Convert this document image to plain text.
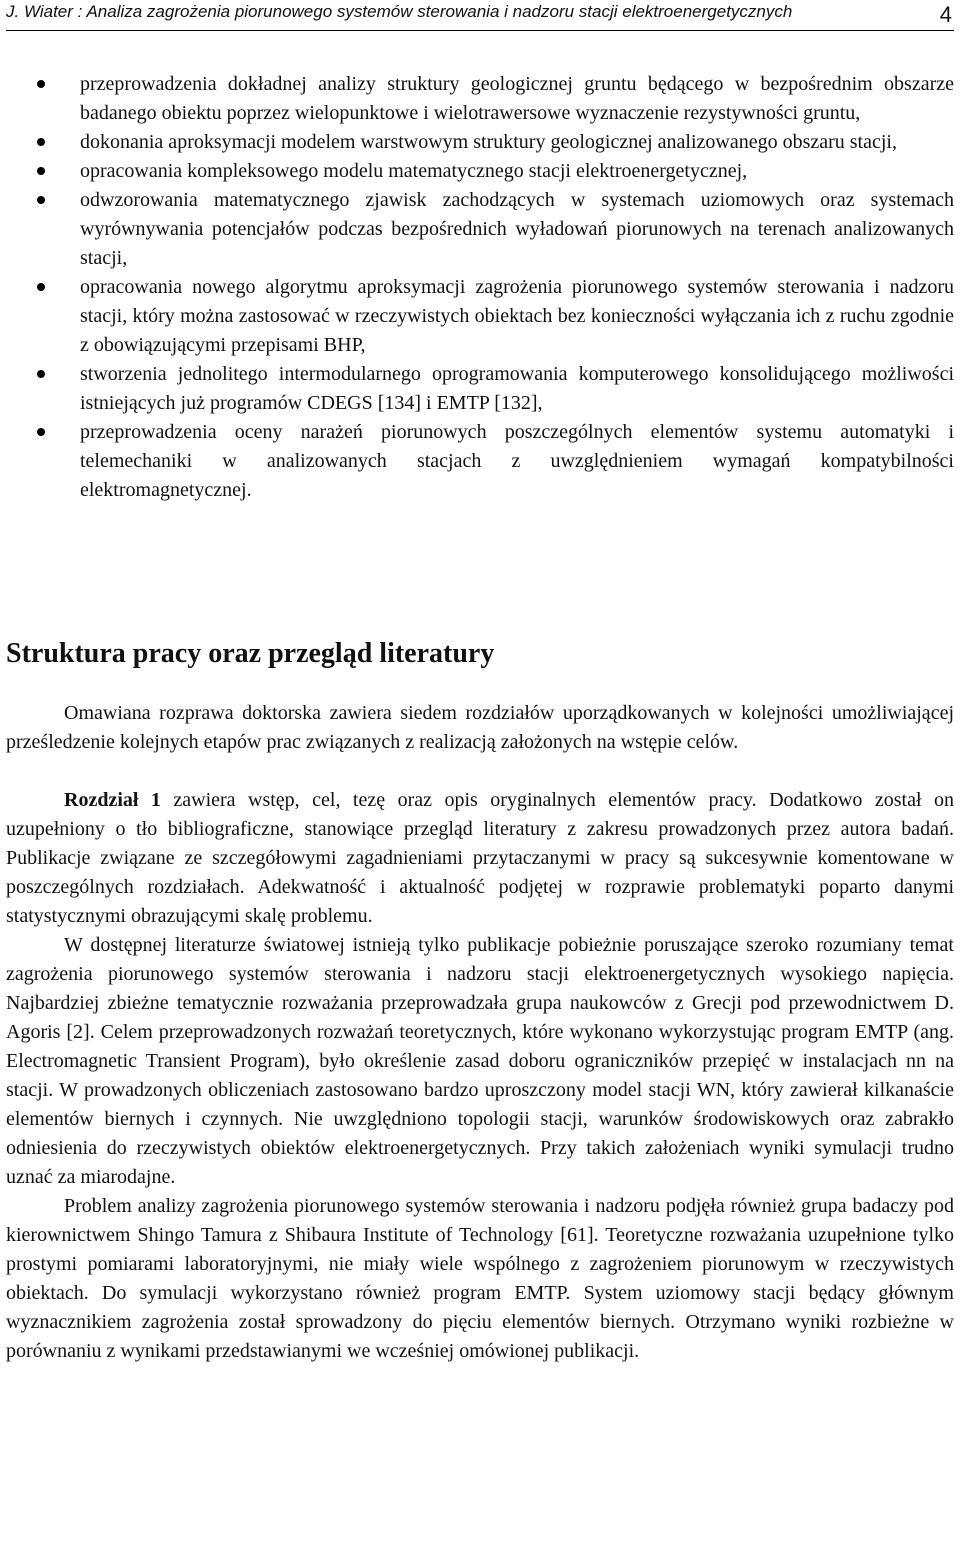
J. Wiater : Analiza zagrożenia piorunowego systemów sterowania i nadzoru stacji elektroenergetycznych	4
przeprowadzenia dokładnej analizy struktury geologicznej gruntu będącego w bezpośrednim obszarze badanego obiektu poprzez wielopunktowe i wielotrawersowe wyznaczenie rezystywności gruntu,
dokonania aproksymacji modelem warstwowym struktury geologicznej analizowanego obszaru stacji,
opracowania kompleksowego modelu matematycznego stacji elektroenergetycznej,
odwzorowania matematycznego zjawisk zachodzących w systemach uziomowych oraz systemach wyrównywania potencjałów podczas bezpośrednich wyładowań piorunowych na terenach analizowanych stacji,
opracowania nowego algorytmu aproksymacji zagrożenia piorunowego systemów sterowania i nadzoru stacji, który można zastosować w rzeczywistych obiektach bez konieczności wyłączania ich z ruchu zgodnie z obowiązującymi przepisami BHP,
stworzenia jednolitego intermodularnego oprogramowania komputerowego konsolidującego możliwości istniejących już programów CDEGS [134] i EMTP [132],
przeprowadzenia oceny narażeń piorunowych poszczególnych elementów systemu automatyki i telemechaniki w analizowanych stacjach z uwzględnieniem wymagań kompatybilności elektromagnetycznej.
Struktura pracy oraz przegląd literatury

Omawiana rozprawa doktorska zawiera siedem rozdziałów uporządkowanych w kolejności umożliwiającej prześledzenie kolejnych etapów prac związanych z realizacją założonych na wstępie celów.

Rozdział 1 zawiera wstęp, cel, tezę oraz opis oryginalnych elementów pracy. Dodatkowo został on uzupełniony o tło bibliograficzne, stanowiące przegląd literatury z zakresu prowadzonych przez autora badań. Publikacje związane ze szczegółowymi zagadnieniami przytaczanymi w pracy są sukcesywnie komentowane w poszczególnych rozdziałach. Adekwatność i aktualność podjętej w rozprawie problematyki poparto danymi statystycznymi obrazującymi skalę problemu.

W dostępnej literaturze światowej istnieją tylko publikacje pobieżnie poruszające szeroko rozumiany temat zagrożenia piorunowego systemów sterowania i nadzoru stacji elektroenergetycznych wysokiego napięcia. Najbardziej zbieżne tematycznie rozważania przeprowadzała grupa naukowców z Grecji pod przewodnictwem D. Agoris [2]. Celem przeprowadzonych rozważań teoretycznych, które wykonano wykorzystując program EMTP (ang. Electromagnetic Transient Program), było określenie zasad doboru ograniczników przepięć w instalacjach nn na stacji. W prowadzonych obliczeniach zastosowano bardzo uproszczony model stacji WN, który zawierał kilkanaście elementów biernych i czynnych. Nie uwzględniono topologii stacji, warunków środowiskowych oraz zabrakło odniesienia do rzeczywistych obiektów elektroenergetycznych. Przy takich założeniach wyniki symulacji trudno uznać za miarodajne.

Problem analizy zagrożenia piorunowego systemów sterowania i nadzoru podjęła również grupa badaczy pod kierownictwem Shingo Tamura z Shibaura Institute of Technology [61]. Teoretyczne rozważania uzupełnione tylko prostymi pomiarami laboratoryjnymi, nie miały wiele wspólnego z zagrożeniem piorunowym w rzeczywistych obiektach. Do symulacji wykorzystano również program EMTP. System uziomowy stacji będący głównym wyznacznikiem zagrożenia został sprowadzony do pięciu elementów biernych. Otrzymano wyniki rozbieżne w porównaniu z wynikami przedstawianymi we wcześniej omówionej publikacji.
